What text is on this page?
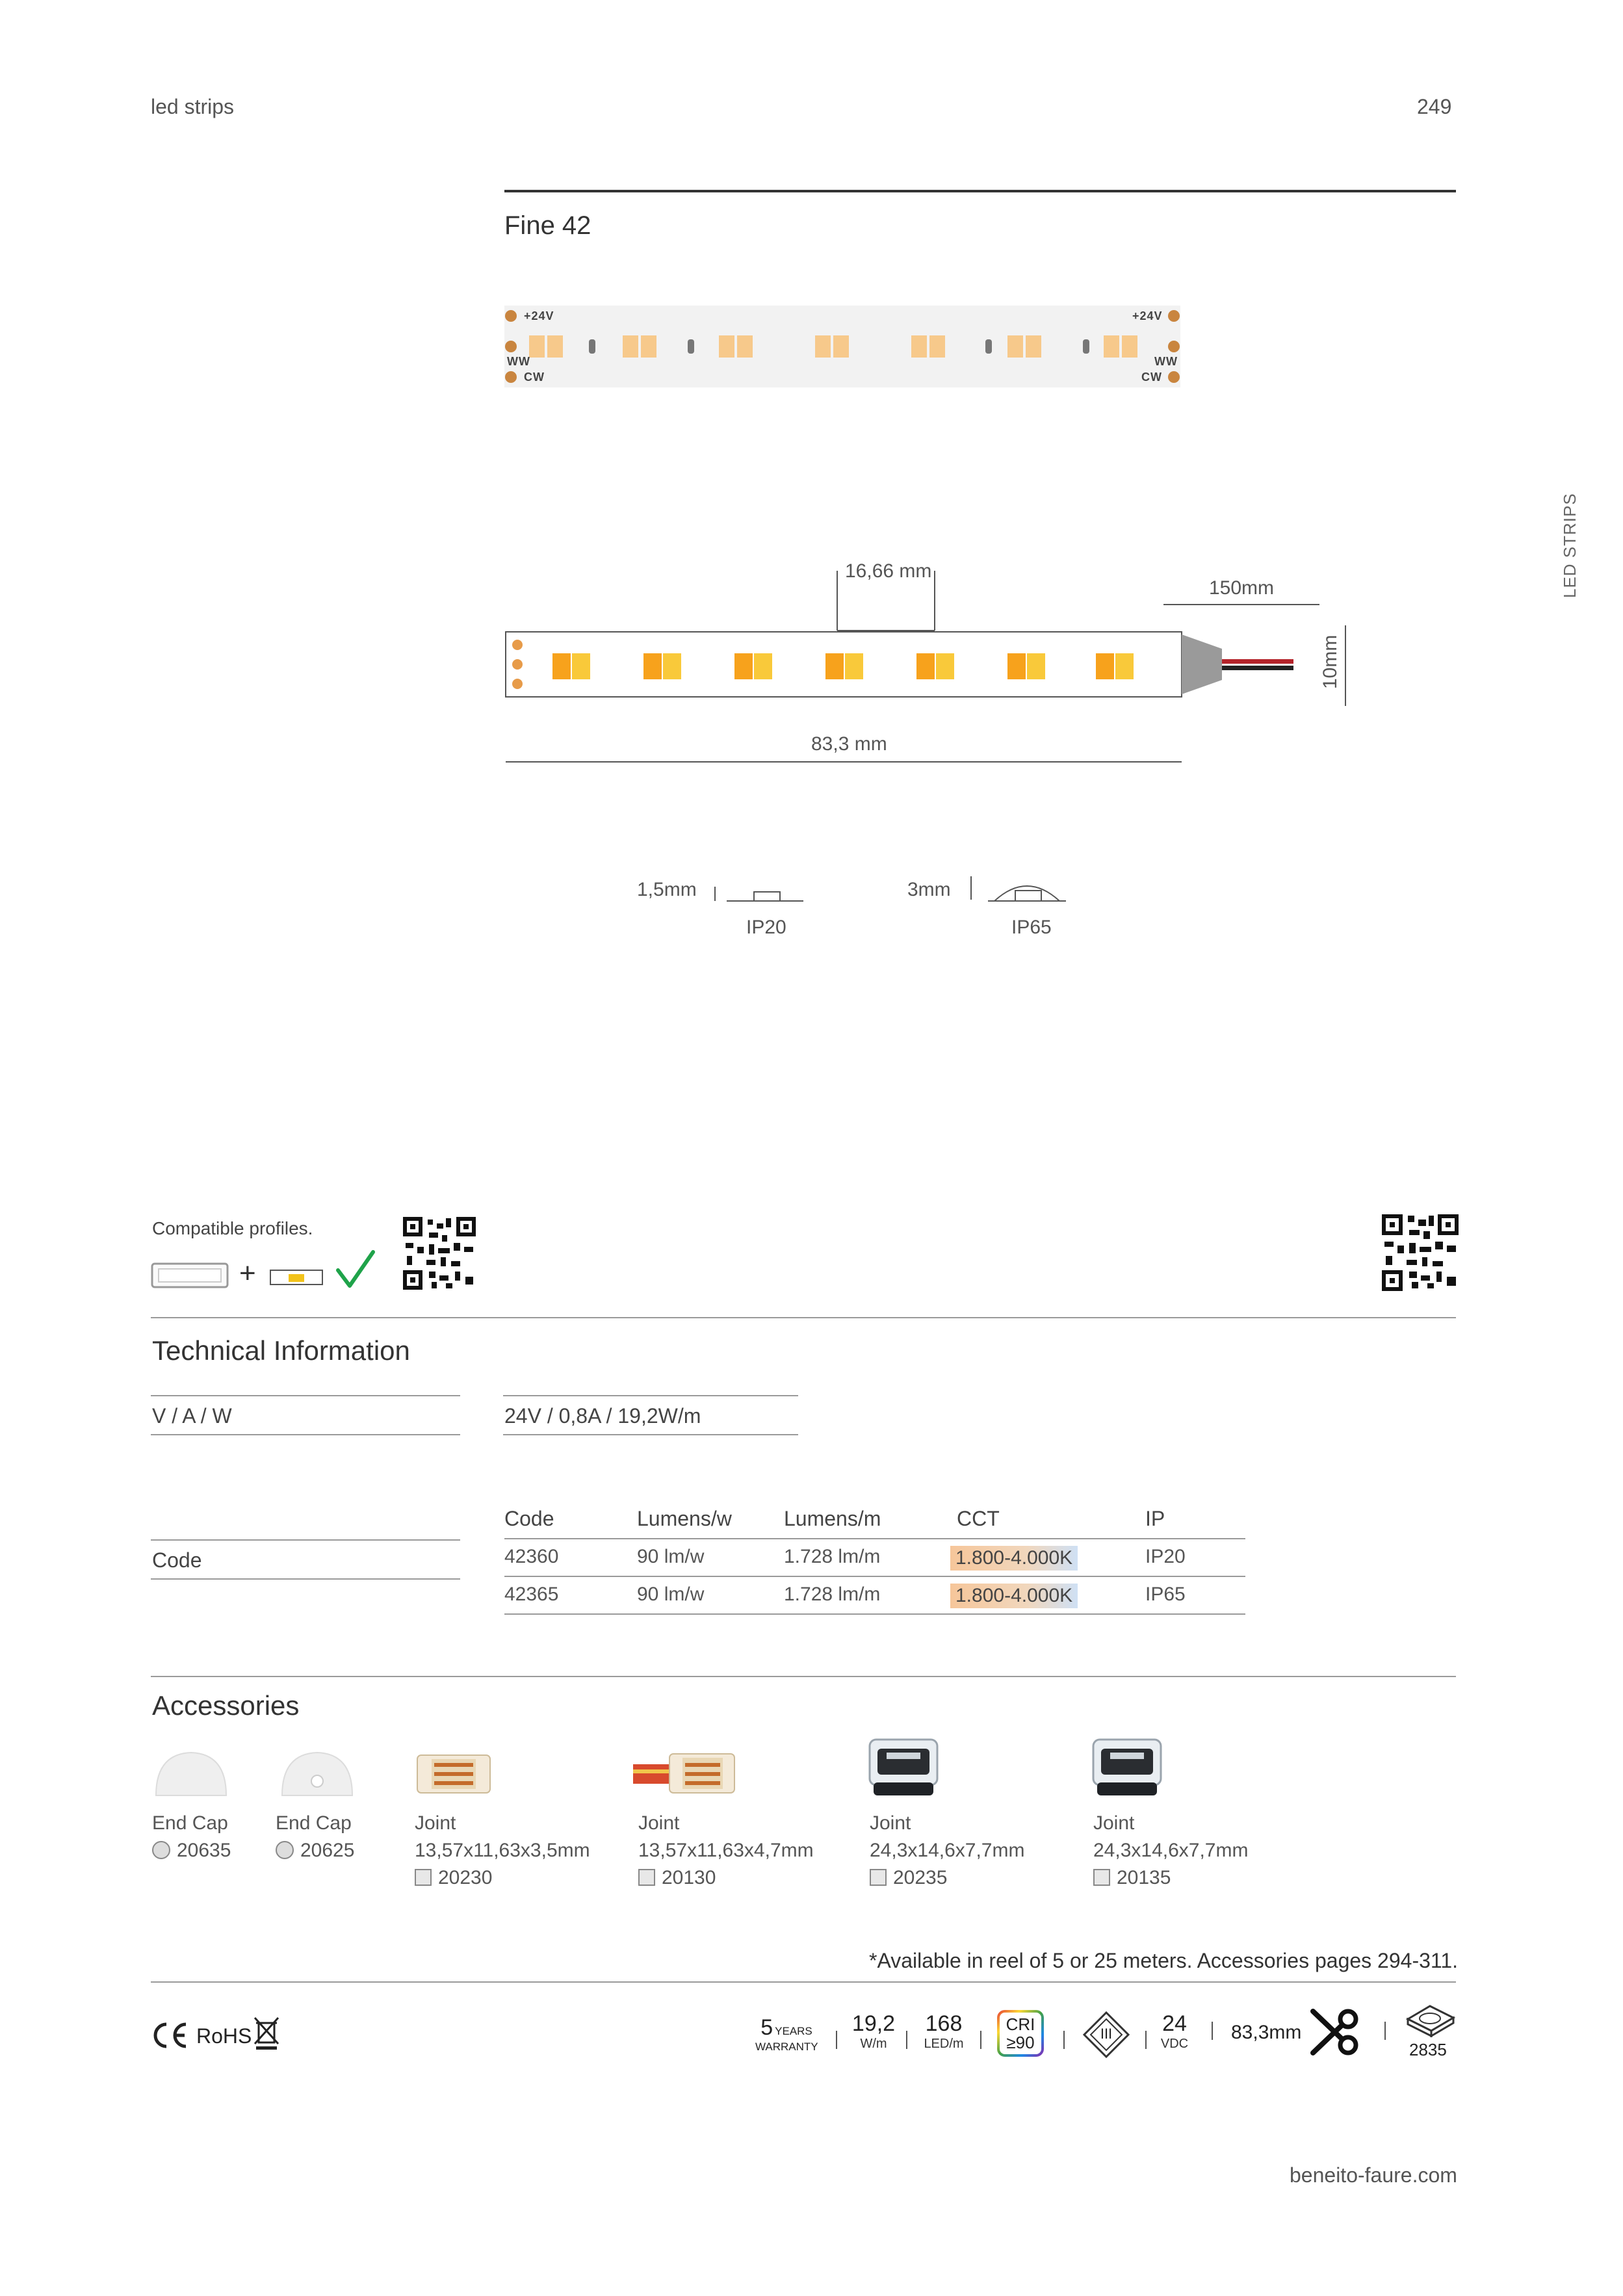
led strips	249
LED STRIPS
Fine 42
+24V	+24V
WW	WW
CW	CW
16,66 mm
150mm
10mm
83,3 mm
1,5mm
IP20
3mm
IP65
Compatible profiles.
+
Technical Information
V / A / W	24V / 0,8A / 19,2W/m
Code
Code	Lumens/w	Lumens/m	CCT	IP
42360	90 lm/w	1.728 lm/m	1.800-4.000K	IP20
42365	90 lm/w	1.728 lm/m	1.800-4.000K	IP65
Accessories
End Cap
20635
End Cap
20625
Joint
13,57x11,63x3,5mm
20230
Joint
13,57x11,63x4,7mm
20130
Joint
24,3x14,6x7,7mm
20235
Joint
24,3x14,6x7,7mm
20135
*Available in reel of 5 or 25 meters. Accessories pages 294-311.
RoHS	5 YEARS
WARRANTY
19,2
W/m
168
LED/m
CRI
≥90	III	24
VDC
83,3mm
2835
beneito-faure.com
